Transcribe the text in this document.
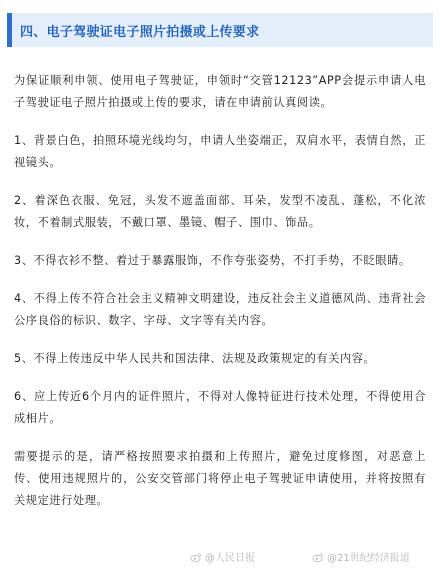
四、电子驾驶证电子照片拍摄或上传要求

为保证顺利申领、使用电子驾驶证，申领时“交管12123”APP会提示申请人电子驾驶证电子照片拍摄或上传的要求，请在申请前认真阅读。

1、背景白色，拍照环境光线均匀，申请人坐姿端正，双肩水平，表情自然，正视镜头。

2、着深色衣服、免冠，头发不遮盖面部、耳朵，发型不凌乱、蓬松，不化浓妆，不着制式服装，不戴口罩、墨镜、帽子、围巾、饰品。

3、不得衣衫不整、着过于暴露服饰，不作夸张姿势，不打手势，不眨眼睛。

4、不得上传不符合社会主义精神文明建设，违反社会主义道德风尚、违背社会公序良俗的标识、数字、字母、文字等有关内容。

5、不得上传违反中华人民共和国法律、法规及政策规定的有关内容。

6、应上传近6个月内的证件照片，不得对人像特征进行技术处理，不得使用合成相片。

需要提示的是，请严格按照要求拍摄和上传照片，避免过度修图，对恶意上传、使用违规照片的，公安交管部门将停止电子驾驶证申请使用，并将按照有关规定进行处理。

@人民日报	@21世纪经济报道
